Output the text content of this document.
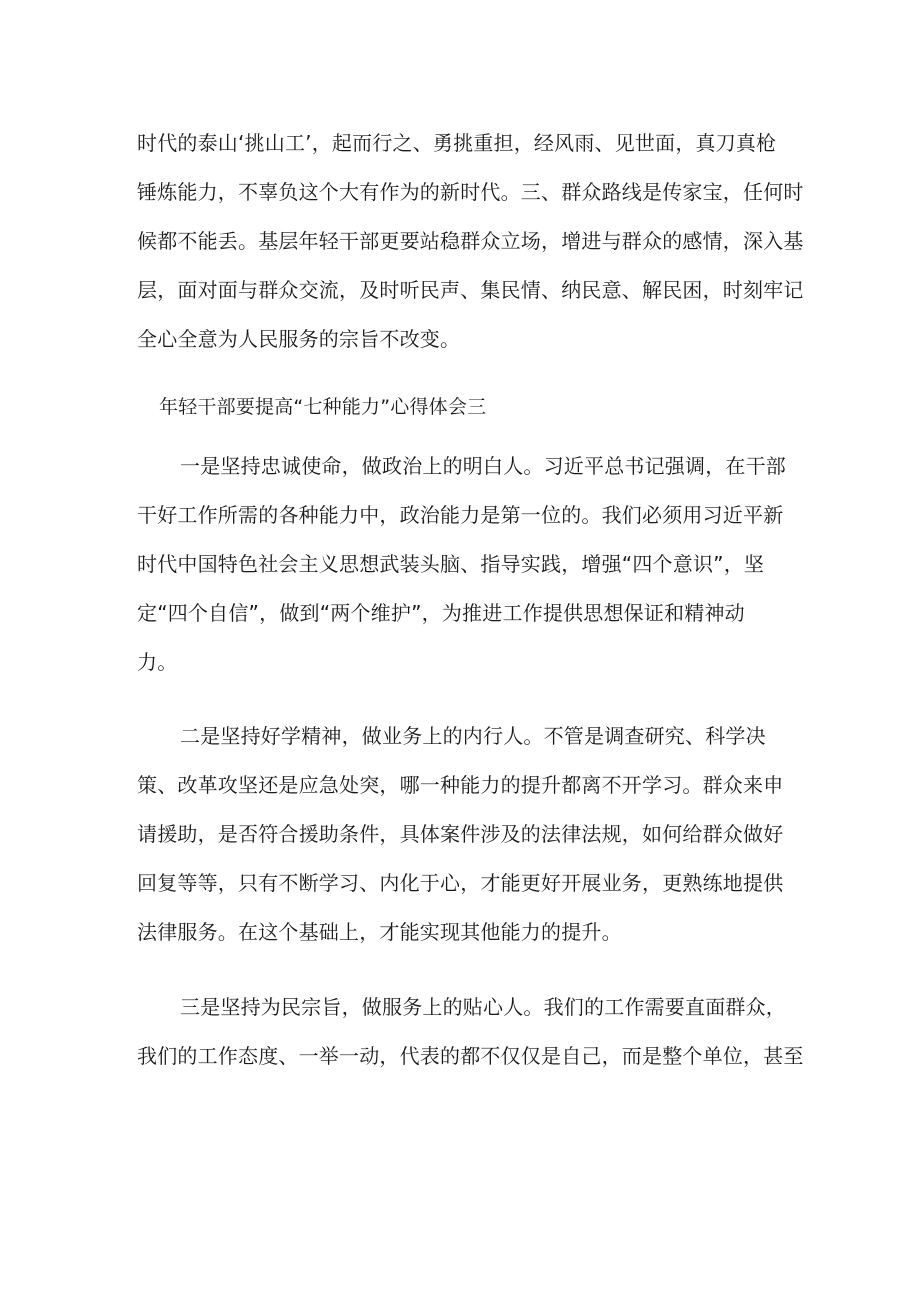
时代的泰山‘挑山工’，起而行之、勇挑重担，经风雨、见世面，真刀真枪
锤炼能力，不辜负这个大有作为的新时代。三、群众路线是传家宝，任何时
候都不能丢。基层年轻干部更要站稳群众立场，增进与群众的感情，深入基
层，面对面与群众交流，及时听民声、集民情、纳民意、解民困，时刻牢记
全心全意为人民服务的宗旨不改变。
年轻干部要提高“七种能力”心得体会三
一是坚持忠诚使命，做政治上的明白人。习近平总书记强调，在干部
干好工作所需的各种能力中，政治能力是第一位的。我们必须用习近平新
时代中国特色社会主义思想武装头脑、指导实践，增强“四个意识”，坚
定“四个自信”，做到“两个维护”，为推进工作提供思想保证和精神动
力。
二是坚持好学精神，做业务上的内行人。不管是调查研究、科学决
策、改革攻坚还是应急处突，哪一种能力的提升都离不开学习。群众来申
请援助，是否符合援助条件，具体案件涉及的法律法规，如何给群众做好
回复等等，只有不断学习、内化于心，才能更好开展业务，更熟练地提供
法律服务。在这个基础上，才能实现其他能力的提升。
三是坚持为民宗旨，做服务上的贴心人。我们的工作需要直面群众，
我们的工作态度、一举一动，代表的都不仅仅是自己，而是整个单位，甚至
